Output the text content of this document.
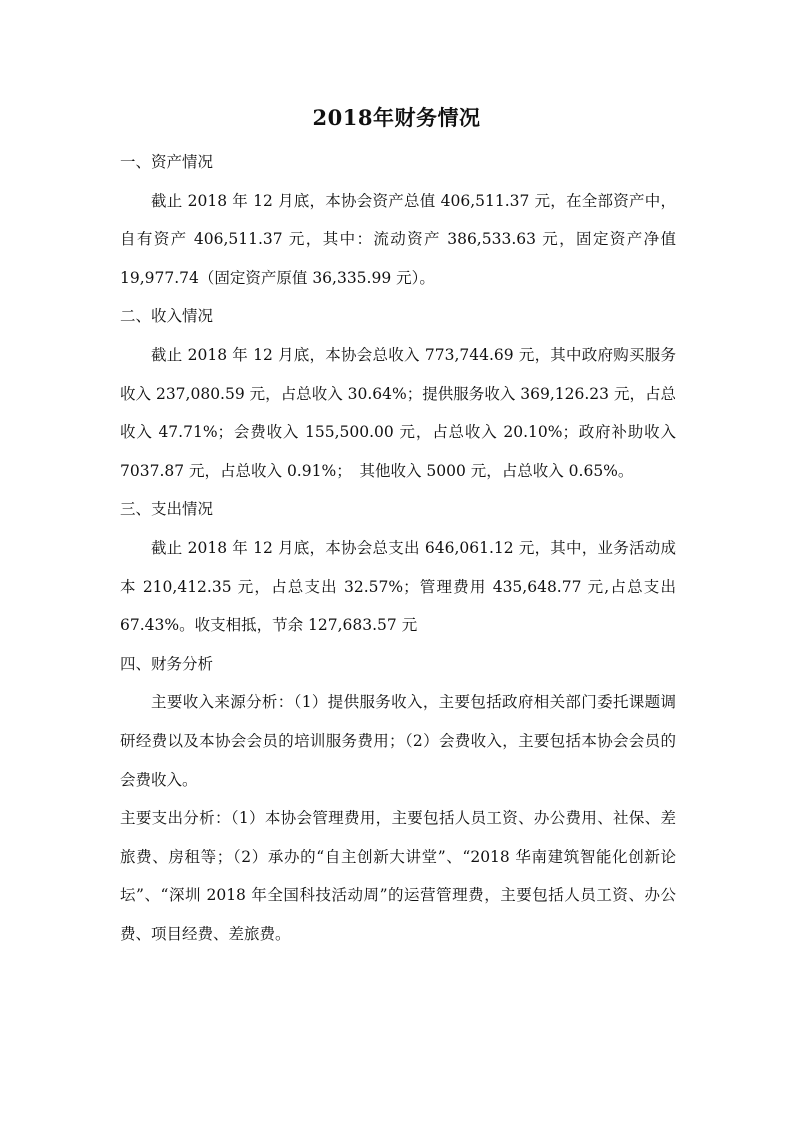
2018年财务情况

一、资产情况

截止 2018 年 12 月底，本协会资产总值 406,511.37 元，在全部资产中，自有资产 406,511.37 元，其中：流动资产 386,533.63 元，固定资产净值 19,977.74（固定资产原值 36,335.99 元）。

二、收入情况

截止 2018 年 12 月底，本协会总收入 773,744.69 元，其中政府购买服务收入 237,080.59 元，占总收入 30.64%；提供服务收入 369,126.23 元，占总收入 47.71%；会费收入 155,500.00 元，占总收入 20.10%；政府补助收入 7037.87 元，占总收入 0.91%；　其他收入 5000 元，占总收入 0.65%。

三、支出情况

截止 2018 年 12 月底，本协会总支出 646,061.12 元，其中，业务活动成本 210,412.35 元，占总支出 32.57%；管理费用 435,648.77 元,占总支出 67.43%。收支相抵，节余 127,683.57 元

四、财务分析

主要收入来源分析：（1）提供服务收入，主要包括政府相关部门委托课题调研经费以及本协会会员的培训服务费用；（2）会费收入，主要包括本协会会员的会费收入。

主要支出分析：（1）本协会管理费用，主要包括人员工资、办公费用、社保、差旅费、房租等；（2）承办的“自主创新大讲堂”、“2018 华南建筑智能化创新论坛”、“深圳 2018 年全国科技活动周”的运营管理费，主要包括人员工资、办公费、项目经费、差旅费。
